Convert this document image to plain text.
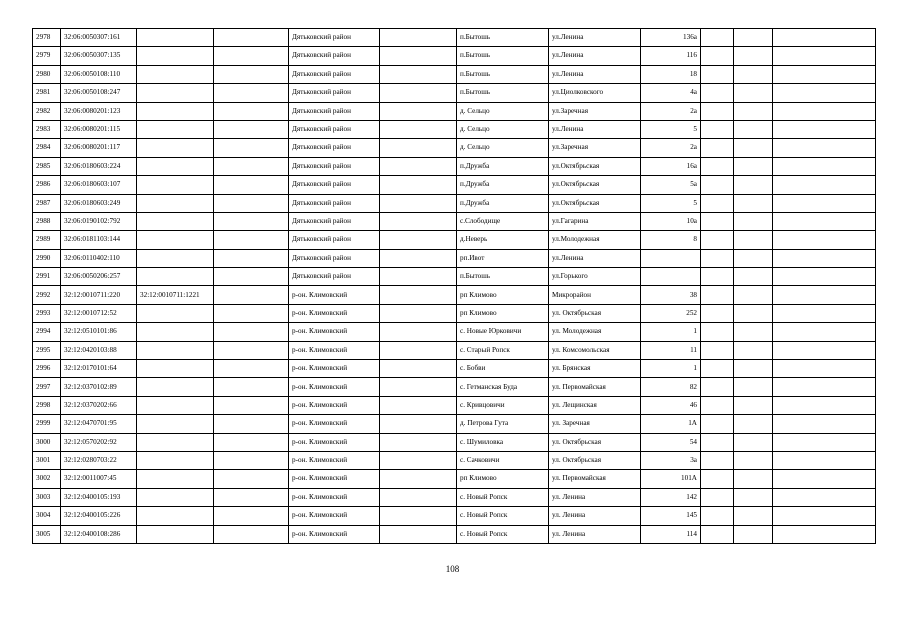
2978	32:06:0050307:161			Дятьковский район		п.Бытошь	ул.Ленина	136а			
2979	32:06:0050307:135			Дятьковский район		п.Бытошь	ул.Ленина	116			
2980	32:06:0050108:110			Дятьковский район		п.Бытошь	ул.Ленина	18			
2981	32:06:0050108:247			Дятьковский район		п.Бытошь	ул.Циолковского	4а			
2982	32:06:0080201:123			Дятьковский район		д. Сельцо	ул.Заречная	2а			
2983	32:06:0080201:115			Дятьковский район		д. Сельцо	ул.Ленина	5			
2984	32:06:0080201:117			Дятьковский район		д. Сельцо	ул.Заречная	2а			
2985	32:06:0180603:224			Дятьковский район		п.Дружба	ул.Октябрьская	16а			
2986	32:06:0180603:107			Дятьковский район		п.Дружба	ул.Октябрьская	5а			
2987	32:06:0180603:249			Дятьковский район		п.Дружба	ул.Октябрьская	5			
2988	32:06:0190102:792			Дятьковский район		с.Слободище	ул.Гагарина	10а			
2989	32:06:0181103:144			Дятьковский район		д.Неверь	ул.Молодежная	8			
2990	32:06:0110402:110			Дятьковский район		рп.Ивот	ул.Ленина				
2991	32:06:0050206:257			Дятьковский район		п.Бытошь	ул.Горького				
2992	32:12:0010711:220	32:12:0010711:1221		р-он. Климовский		рп Климово	Микрорайон	38			
2993	32:12:0010712:52			р-он. Климовский		рп Климово	ул. Октябрьская	252			
2994	32:12:0510101:86			р-он. Климовский		с. Новые Юрковичи	ул. Молодежная	1			
2995	32:12:0420103:88			р-он. Климовский		с. Старый Ропск	ул. Комсомольская	11			
2996	32:12:0170101:64			р-он. Климовский		с. Бобви	ул. Брянская	1			
2997	32:12:0370102:89			р-он. Климовский		с. Гетманская Буда	ул. Первомайская	82			
2998	32:12:0370202:66			р-он. Климовский		с. Кривцовичи	ул. Лещинская	46			
2999	32:12:0470701:95			р-он. Климовский		д. Петрова Гута	ул. Заречная	1А			
3000	32:12:0570202:92			р-он. Климовский		с. Шумиловка	ул. Октябрьская	54			
3001	32:12:0280703:22			р-он. Климовский		с. Сачковичи	ул. Октябрьская	3а			
3002	32:12:0011007:45			р-он. Климовский		рп Климово	ул. Первомайская	101А			
3003	32:12:0400105:193			р-он. Климовский		с. Новый Ропск	ул. Ленина	142			
3004	32:12:0400105:226			р-он. Климовский		с. Новый Ропск	ул. Ленина	145			
3005	32:12:0400108:286			р-он. Климовский		с. Новый Ропск	ул. Ленина	114			
108
